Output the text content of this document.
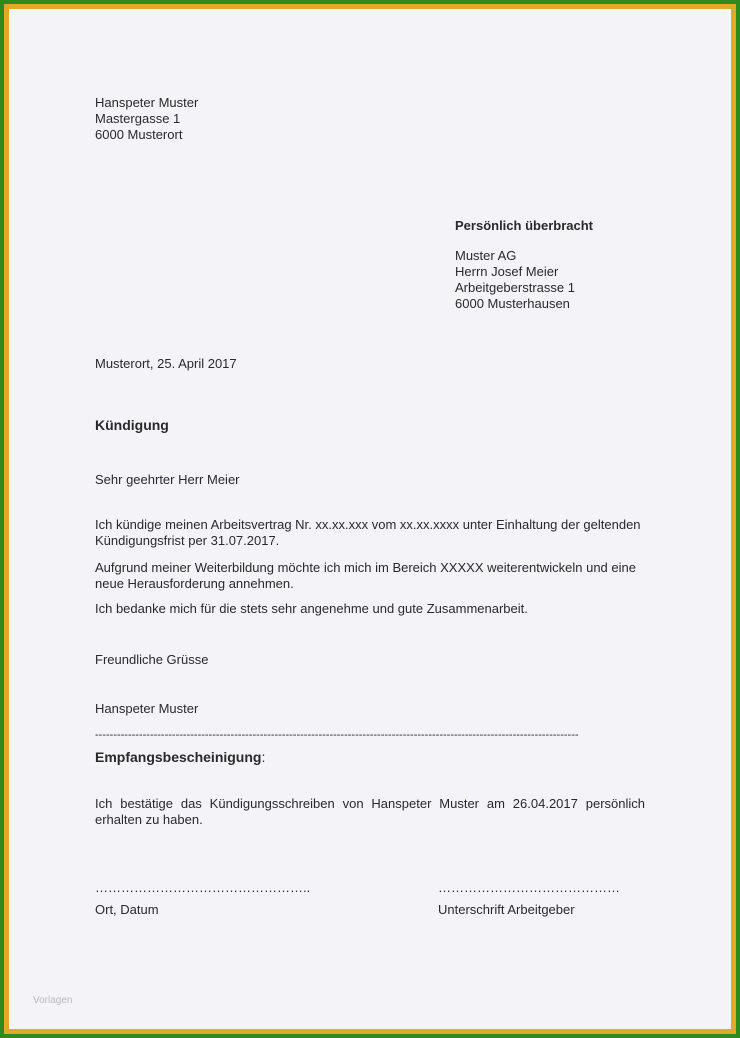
Hanspeter Muster
Mastergasse 1
6000 Musterort
Persönlich überbracht
Muster AG
Herrn Josef Meier
Arbeitgeberstrasse 1
6000 Musterhausen
Musterort, 25. April 2017
Kündigung
Sehr geehrter Herr Meier
Ich kündige meinen Arbeitsvertrag Nr. xx.xx.xxx vom xx.xx.xxxx unter Einhaltung der geltenden
Kündigungsfrist per 31.07.2017.
Aufgrund meiner Weiterbildung möchte ich mich im Bereich XXXXX weiterentwickeln und eine
neue Herausforderung annehmen.
Ich bedanke mich für die stets sehr angenehme und gute Zusammenarbeit.
Freundliche Grüsse
Hanspeter Muster
------------------------------------------------------------------------------------------------------------------------------------
Empfangsbescheinigung:
Ich bestätige das Kündigungsschreiben von Hanspeter Muster am 26.04.2017 persönlich erhalten zu haben.
…………………………………………..
Ort, Datum
……………………………………
Unterschrift Arbeitgeber
Vorlagen
